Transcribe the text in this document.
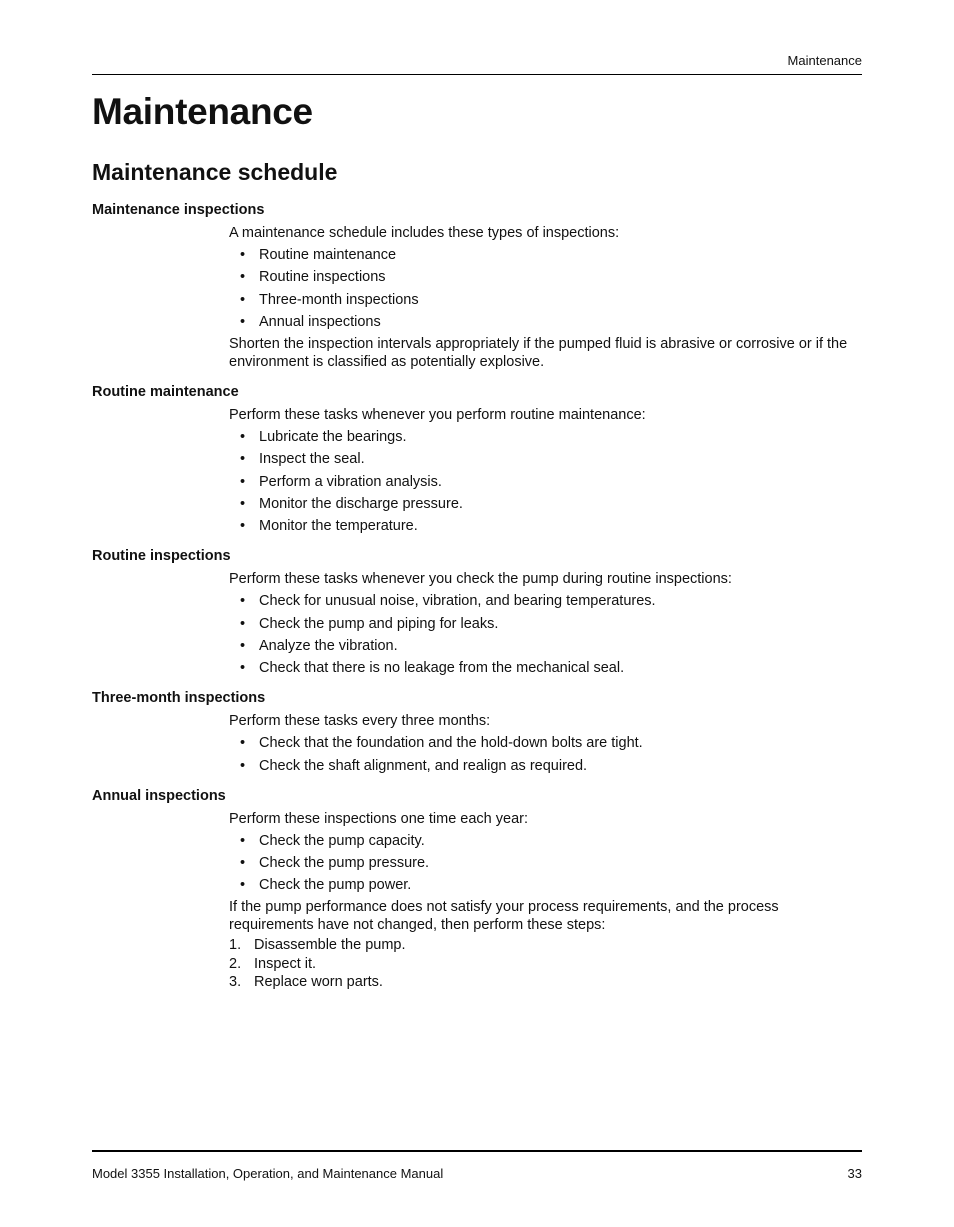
Maintenance
Maintenance
Maintenance schedule
Maintenance inspections

A maintenance schedule includes these types of inspections:

• Routine maintenance
• Routine inspections
• Three-month inspections
• Annual inspections

Shorten the inspection intervals appropriately if the pumped fluid is abrasive or corrosive or if the environment is classified as potentially explosive.

Routine maintenance

Perform these tasks whenever you perform routine maintenance:

• Lubricate the bearings.
• Inspect the seal.
• Perform a vibration analysis.
• Monitor the discharge pressure.
• Monitor the temperature.
Routine inspections

Perform these tasks whenever you check the pump during routine inspections:

• Check for unusual noise, vibration, and bearing temperatures.
• Check the pump and piping for leaks.
• Analyze the vibration.
• Check that there is no leakage from the mechanical seal.
Three-month inspections

Perform these tasks every three months:

• Check that the foundation and the hold-down bolts are tight.
• Check the shaft alignment, and realign as required.
Annual inspections

Perform these inspections one time each year:

• Check the pump capacity.
• Check the pump pressure.
• Check the pump power.

If the pump performance does not satisfy your process requirements, and the process requirements have not changed, then perform these steps:

1. Disassemble the pump.
2. Inspect it.
3. Replace worn parts.
Model 3355 Installation, Operation, and Maintenance Manual	33
